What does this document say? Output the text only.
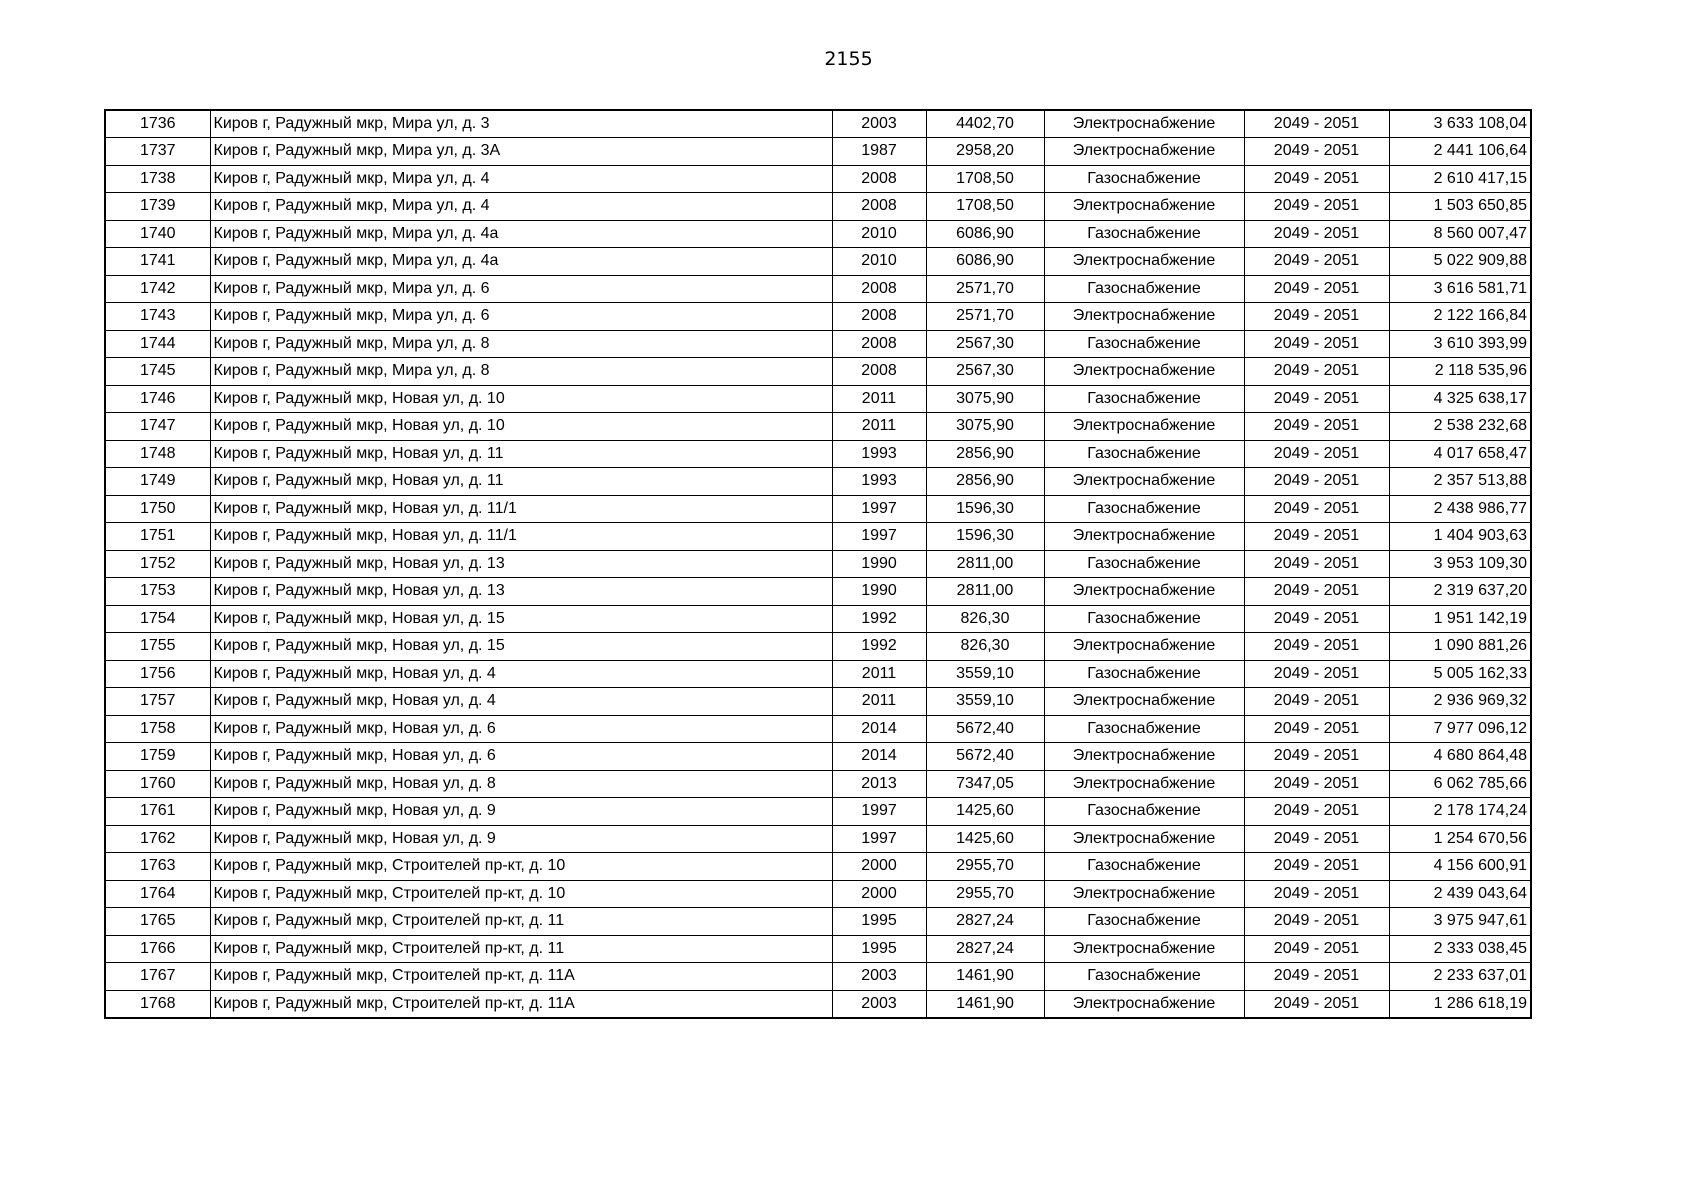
2155
1736	Киров г, Радужный мкр, Мира ул, д. 3	2003	4402,70	Электроснабжение	2049 - 2051	3 633 108,04
1737	Киров г, Радужный мкр, Мира ул, д. 3А	1987	2958,20	Электроснабжение	2049 - 2051	2 441 106,64
1738	Киров г, Радужный мкр, Мира ул, д. 4	2008	1708,50	Газоснабжение	2049 - 2051	2 610 417,15
1739	Киров г, Радужный мкр, Мира ул, д. 4	2008	1708,50	Электроснабжение	2049 - 2051	1 503 650,85
1740	Киров г, Радужный мкр, Мира ул, д. 4а	2010	6086,90	Газоснабжение	2049 - 2051	8 560 007,47
1741	Киров г, Радужный мкр, Мира ул, д. 4а	2010	6086,90	Электроснабжение	2049 - 2051	5 022 909,88
1742	Киров г, Радужный мкр, Мира ул, д. 6	2008	2571,70	Газоснабжение	2049 - 2051	3 616 581,71
1743	Киров г, Радужный мкр, Мира ул, д. 6	2008	2571,70	Электроснабжение	2049 - 2051	2 122 166,84
1744	Киров г, Радужный мкр, Мира ул, д. 8	2008	2567,30	Газоснабжение	2049 - 2051	3 610 393,99
1745	Киров г, Радужный мкр, Мира ул, д. 8	2008	2567,30	Электроснабжение	2049 - 2051	2 118 535,96
1746	Киров г, Радужный мкр, Новая ул, д. 10	2011	3075,90	Газоснабжение	2049 - 2051	4 325 638,17
1747	Киров г, Радужный мкр, Новая ул, д. 10	2011	3075,90	Электроснабжение	2049 - 2051	2 538 232,68
1748	Киров г, Радужный мкр, Новая ул, д. 11	1993	2856,90	Газоснабжение	2049 - 2051	4 017 658,47
1749	Киров г, Радужный мкр, Новая ул, д. 11	1993	2856,90	Электроснабжение	2049 - 2051	2 357 513,88
1750	Киров г, Радужный мкр, Новая ул, д. 11/1	1997	1596,30	Газоснабжение	2049 - 2051	2 438 986,77
1751	Киров г, Радужный мкр, Новая ул, д. 11/1	1997	1596,30	Электроснабжение	2049 - 2051	1 404 903,63
1752	Киров г, Радужный мкр, Новая ул, д. 13	1990	2811,00	Газоснабжение	2049 - 2051	3 953 109,30
1753	Киров г, Радужный мкр, Новая ул, д. 13	1990	2811,00	Электроснабжение	2049 - 2051	2 319 637,20
1754	Киров г, Радужный мкр, Новая ул, д. 15	1992	826,30	Газоснабжение	2049 - 2051	1 951 142,19
1755	Киров г, Радужный мкр, Новая ул, д. 15	1992	826,30	Электроснабжение	2049 - 2051	1 090 881,26
1756	Киров г, Радужный мкр, Новая ул, д. 4	2011	3559,10	Газоснабжение	2049 - 2051	5 005 162,33
1757	Киров г, Радужный мкр, Новая ул, д. 4	2011	3559,10	Электроснабжение	2049 - 2051	2 936 969,32
1758	Киров г, Радужный мкр, Новая ул, д. 6	2014	5672,40	Газоснабжение	2049 - 2051	7 977 096,12
1759	Киров г, Радужный мкр, Новая ул, д. 6	2014	5672,40	Электроснабжение	2049 - 2051	4 680 864,48
1760	Киров г, Радужный мкр, Новая ул, д. 8	2013	7347,05	Электроснабжение	2049 - 2051	6 062 785,66
1761	Киров г, Радужный мкр, Новая ул, д. 9	1997	1425,60	Газоснабжение	2049 - 2051	2 178 174,24
1762	Киров г, Радужный мкр, Новая ул, д. 9	1997	1425,60	Электроснабжение	2049 - 2051	1 254 670,56
1763	Киров г, Радужный мкр, Строителей пр-кт, д. 10	2000	2955,70	Газоснабжение	2049 - 2051	4 156 600,91
1764	Киров г, Радужный мкр, Строителей пр-кт, д. 10	2000	2955,70	Электроснабжение	2049 - 2051	2 439 043,64
1765	Киров г, Радужный мкр, Строителей пр-кт, д. 11	1995	2827,24	Газоснабжение	2049 - 2051	3 975 947,61
1766	Киров г, Радужный мкр, Строителей пр-кт, д. 11	1995	2827,24	Электроснабжение	2049 - 2051	2 333 038,45
1767	Киров г, Радужный мкр, Строителей пр-кт, д. 11А	2003	1461,90	Газоснабжение	2049 - 2051	2 233 637,01
1768	Киров г, Радужный мкр, Строителей пр-кт, д. 11А	2003	1461,90	Электроснабжение	2049 - 2051	1 286 618,19
